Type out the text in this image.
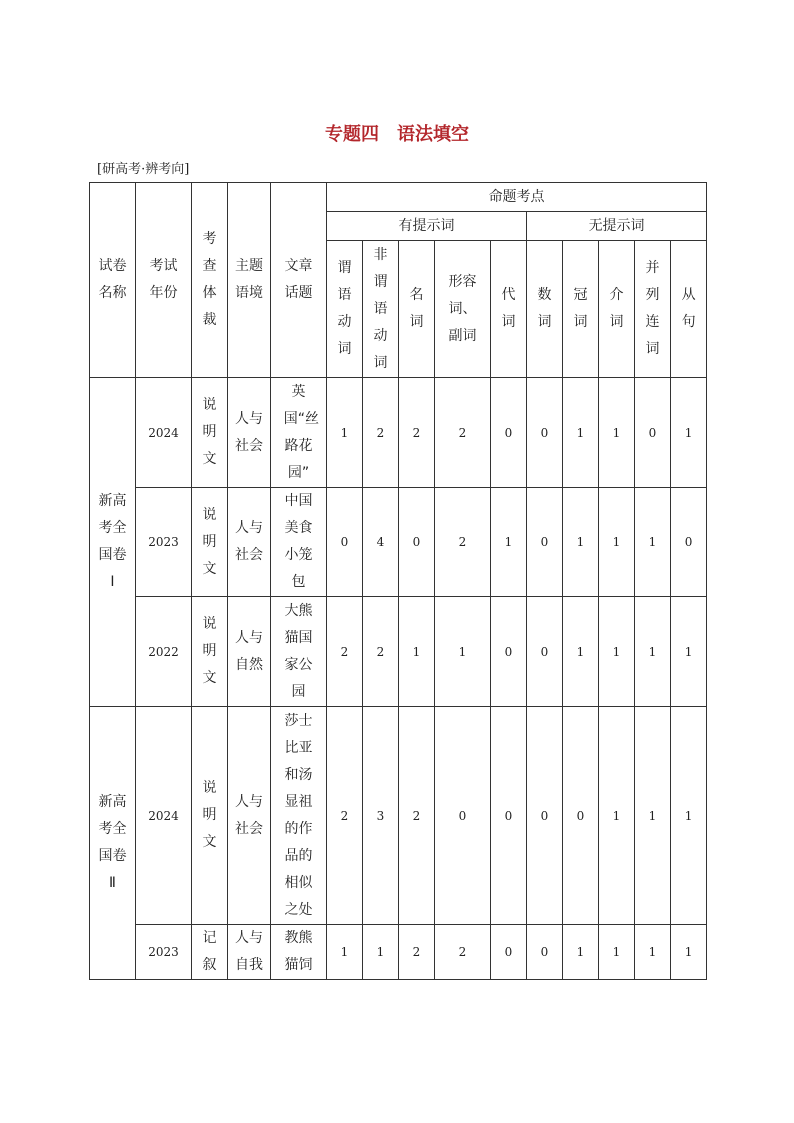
专题四 语法填空
[研高考·辨考向]
试卷名称	考试年份	考查体裁	主题语境	文章话题	命题考点									
					有提示词					无提示词				

					谓语动词	非谓语动词	名词	形容词、副词	代词	数词	冠词	介词	并列连词	从句

新高考全国卷Ⅰ	2024	说明文	人与社会	英国“丝路花园”	1	2	2	2	0	0	1	1	0	1
	2023	说明文	人与社会	中国美食小笼包	0	4	0	2	1	0	1	1	1	0
	2022	说明文	人与自然	大熊猫国家公园	2	2	1	1	0	0	1	1	1	1

新高考全国卷Ⅱ	2024	说明文	人与社会	莎士比亚和汤显祖的作品的相似之处	2	3	2	0	0	0	0	1	1	1
	2023	记叙	人与自我	教熊猫饲	1	1	2	2	0	0	1	1	1	1
